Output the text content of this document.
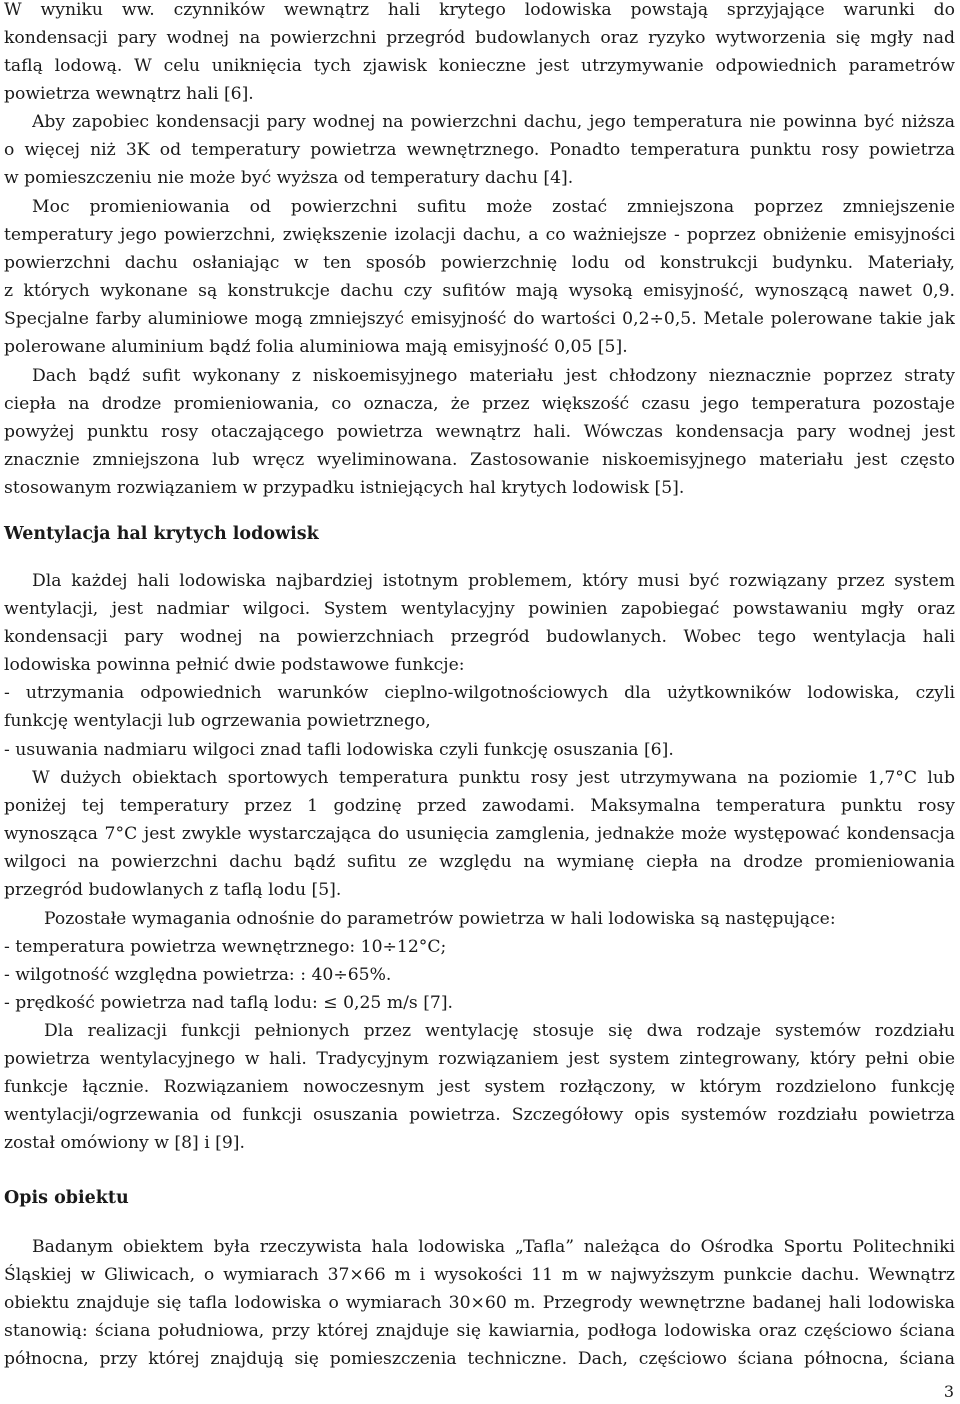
W wyniku ww. czynników wewnątrz hali krytego lodowiska powstają sprzyjające warunki do
kondensacji pary wodnej na powierzchni przegród budowlanych oraz ryzyko wytworzenia się mgły nad
taflą lodową. W celu uniknięcia tych zjawisk konieczne jest utrzymywanie odpowiednich parametrów
powietrza wewnątrz hali [6].
Aby zapobiec kondensacji pary wodnej na powierzchni dachu, jego temperatura nie powinna być niższa
o więcej niż 3K od temperatury powietrza wewnętrznego. Ponadto temperatura punktu rosy powietrza
w pomieszczeniu nie może być wyższa od temperatury dachu [4].
Moc promieniowania od powierzchni sufitu może zostać zmniejszona poprzez zmniejszenie
temperatury jego powierzchni, zwiększenie izolacji dachu, a co ważniejsze - poprzez obniżenie emisyjności
powierzchni dachu osłaniając w ten sposób powierzchnię lodu od konstrukcji budynku. Materiały,
z których wykonane są konstrukcje dachu czy sufitów mają wysoką emisyjność, wynoszącą nawet 0,9.
Specjalne farby aluminiowe mogą zmniejszyć emisyjność do wartości 0,2÷0,5. Metale polerowane takie jak
polerowane aluminium bądź folia aluminiowa mają emisyjność 0,05 [5].
Dach bądź sufit wykonany z niskoemisyjnego materiału jest chłodzony nieznacznie poprzez straty
ciepła na drodze promieniowania, co oznacza, że przez większość czasu jego temperatura pozostaje
powyżej punktu rosy otaczającego powietrza wewnątrz hali. Wówczas kondensacja pary wodnej jest
znacznie zmniejszona lub wręcz wyeliminowana. Zastosowanie niskoemisyjnego materiału jest często
stosowanym rozwiązaniem w przypadku istniejących hal krytych lodowisk [5].
Wentylacja hal krytych lodowisk
Dla każdej hali lodowiska najbardziej istotnym problemem, który musi być rozwiązany przez system
wentylacji, jest nadmiar wilgoci. System wentylacyjny powinien zapobiegać powstawaniu mgły oraz
kondensacji pary wodnej na powierzchniach przegród budowlanych. Wobec tego wentylacja hali
lodowiska powinna pełnić dwie podstawowe funkcje:
- utrzymania odpowiednich warunków cieplno-wilgotnościowych dla użytkowników lodowiska, czyli
funkcję wentylacji lub ogrzewania powietrznego,
- usuwania nadmiaru wilgoci znad tafli lodowiska czyli funkcję osuszania [6].
W dużych obiektach sportowych temperatura punktu rosy jest utrzymywana na poziomie 1,7°C lub
poniżej tej temperatury przez 1 godzinę przed zawodami. Maksymalna temperatura punktu rosy
wynosząca 7°C jest zwykle wystarczająca do usunięcia zamglenia, jednakże może występować kondensacja
wilgoci na powierzchni dachu bądź sufitu ze względu na wymianę ciepła na drodze promieniowania
przegród budowlanych z taflą lodu [5].
Pozostałe wymagania odnośnie do parametrów powietrza w hali lodowiska są następujące:
- temperatura powietrza wewnętrznego: 10÷12°C;
- wilgotność względna powietrza: : 40÷65%.
- prędkość powietrza nad taflą lodu: ≤ 0,25 m/s [7].
Dla realizacji funkcji pełnionych przez wentylację stosuje się dwa rodzaje systemów rozdziału
powietrza wentylacyjnego w hali. Tradycyjnym rozwiązaniem jest system zintegrowany, który pełni obie
funkcje łącznie. Rozwiązaniem nowoczesnym jest system rozłączony, w którym rozdzielono funkcję
wentylacji/ogrzewania od funkcji osuszania powietrza. Szczegółowy opis systemów rozdziału powietrza
został omówiony w [8] i [9].
Opis obiektu
Badanym obiektem była rzeczywista hala lodowiska „Tafla” należąca do Ośrodka Sportu Politechniki
Śląskiej w Gliwicach, o wymiarach 37×66 m i wysokości 11 m w najwyższym punkcie dachu. Wewnątrz
obiektu znajduje się tafla lodowiska o wymiarach 30×60 m. Przegrody wewnętrzne badanej hali lodowiska
stanowią: ściana południowa, przy której znajduje się kawiarnia, podłoga lodowiska oraz częściowo ściana
północna, przy której znajdują się pomieszczenia techniczne. Dach, częściowo ściana północna, ściana
3
